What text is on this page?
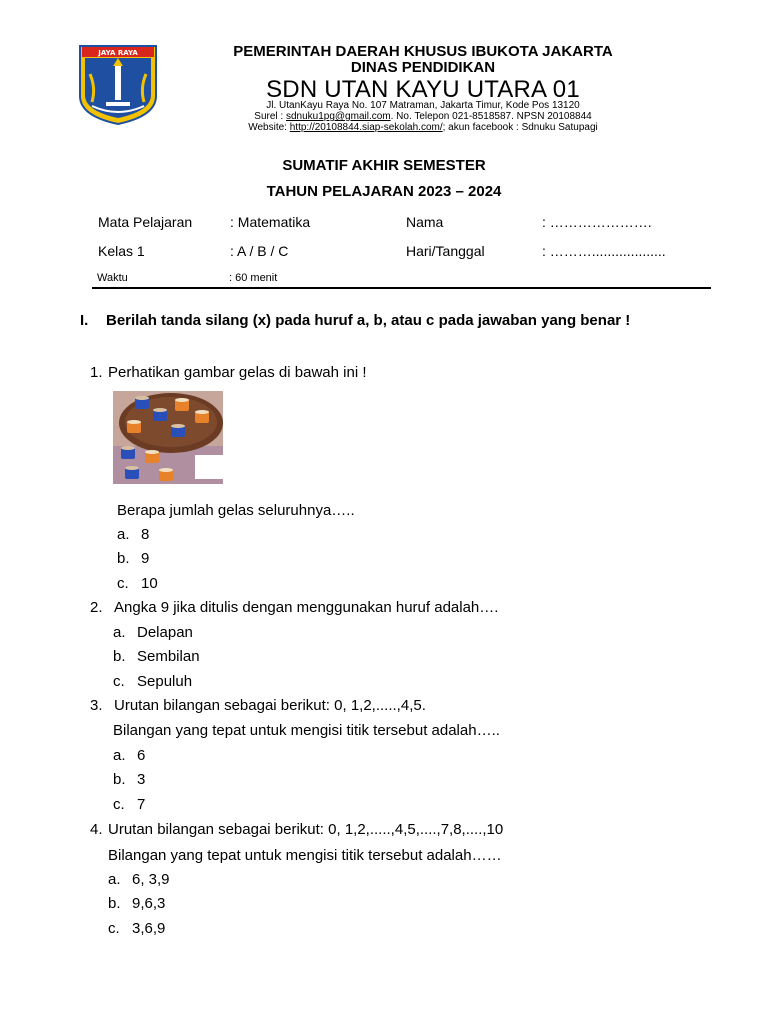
JAYA RAYA	PEMERINTAH DAERAH KHUSUS IBUKOTA JAKARTA
DINAS PENDIDIKAN
SDN UTAN KAYU UTARA 01
Jl. UtanKayu Raya No. 107 Matraman, Jakarta Timur, Kode Pos 13120
Surel : sdnuku1pg@gmail.com. No. Telepon 021-8518587. NPSN 20108844
Website: http://20108844.siap-sekolah.com/; akun facebook : Sdnuku Satupagi
SUMATIF AKHIR SEMESTER
TAHUN PELAJARAN 2023 – 2024
Mata Pelajaran	: Matematika	Nama	: ………………….
Kelas 1	: A / B / C	Hari/Tanggal	: ………...................
Waktu	: 60 menit
I. Berilah tanda silang (x) pada huruf a, b, atau c pada jawaban yang benar !
1. Perhatikan gambar gelas di bawah ini !
Berapa jumlah gelas seluruhnya…..
a. 8
b. 9
c. 10
2. Angka 9 jika ditulis dengan menggunakan huruf adalah….
a. Delapan
b. Sembilan
c. Sepuluh
3. Urutan bilangan sebagai berikut: 0, 1,2,.....,4,5.
Bilangan yang tepat untuk mengisi titik tersebut adalah…..
a. 6
b. 3
c. 7
4. Urutan bilangan sebagai berikut: 0, 1,2,.....,4,5,....,7,8,....,10
Bilangan yang tepat untuk mengisi titik tersebut adalah……
a. 6, 3,9
b. 9,6,3
c. 3,6,9
